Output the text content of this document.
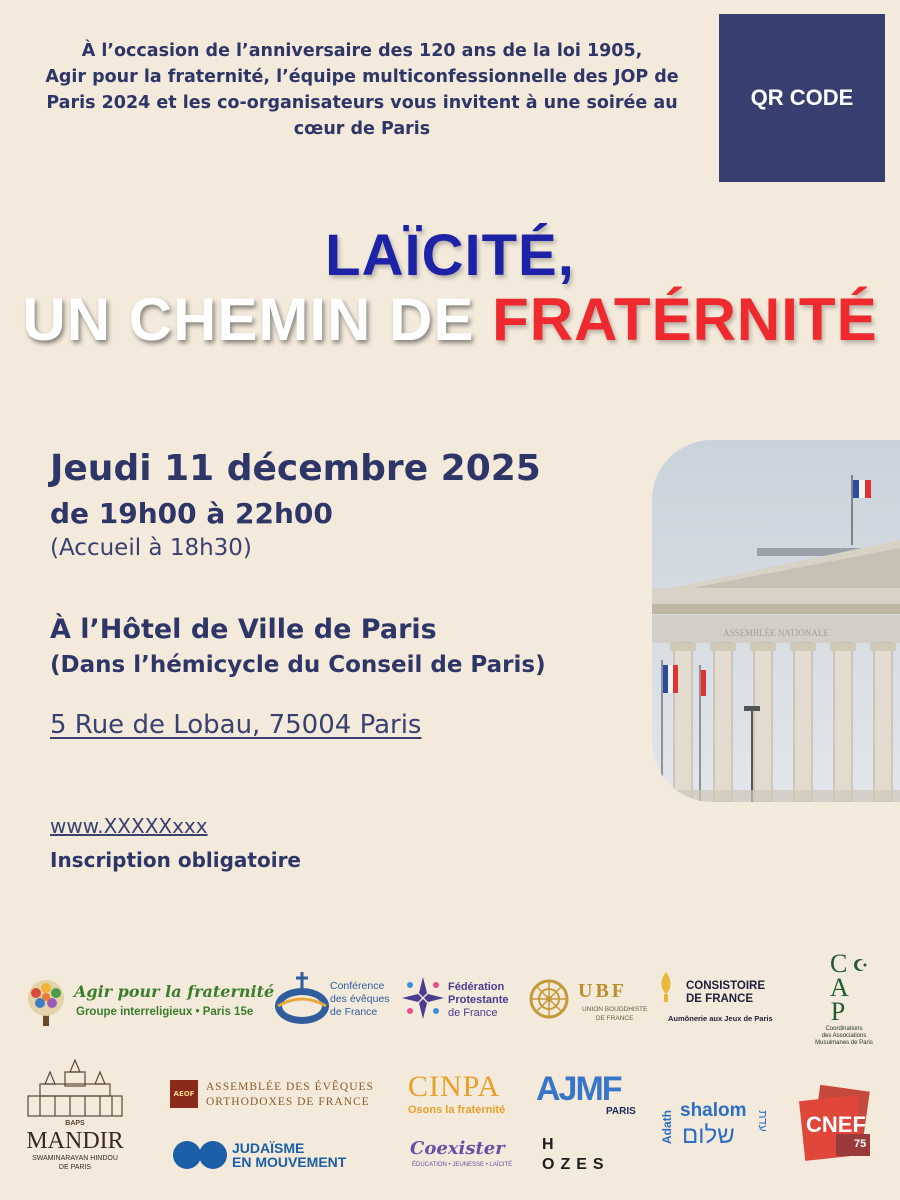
À l’occasion de l’anniversaire des 120 ans de la loi 1905,
Agir pour la fraternité, l’équipe multiconfessionnelle des JOP de
Paris 2024 et les co-organisateurs vous invitent à une soirée au
cœur de Paris
QR CODE
LAÏCITÉ,
UN CHEMIN DE FRATÉRNITÉ
Jeudi 11 décembre 2025
de 19h00 à 22h00
(Accueil à 18h30)
À l’Hôtel de Ville de Paris
(Dans l’hémicycle du Conseil de Paris)
5 Rue de Lobau, 75004 Paris
www.XXXXXxxx
Inscription obligatoire
Agir pour la fraternité
Groupe interreligieux • Paris 15e
Conférence
des évêques
de France
Fédération
Protestante
de France
UBF
UNION BOUDDHISTE
DE FRANCE
CONSISTOIRE
DE FRANCE
Aumônerie aux Jeux de Paris
C A P
Coordinations
des Associations
Musulmanes de Paris
BAPS
MANDIR
SWAMINARAYAN HINDOU
DE PARIS
AEOF
ASSEMBLÉE DES ÉVÊQUES
ORTHODOXES DE FRANCE
JUDAÏSME
EN MOUVEMENT
CINPA
Osons la fraternité
Coexister
ÉDUCATION • JEUNESSE • LAÏCITÉ
AJMF
PARIS
H
OZES
Adath shalom
שלום
עדת CNEF
75
